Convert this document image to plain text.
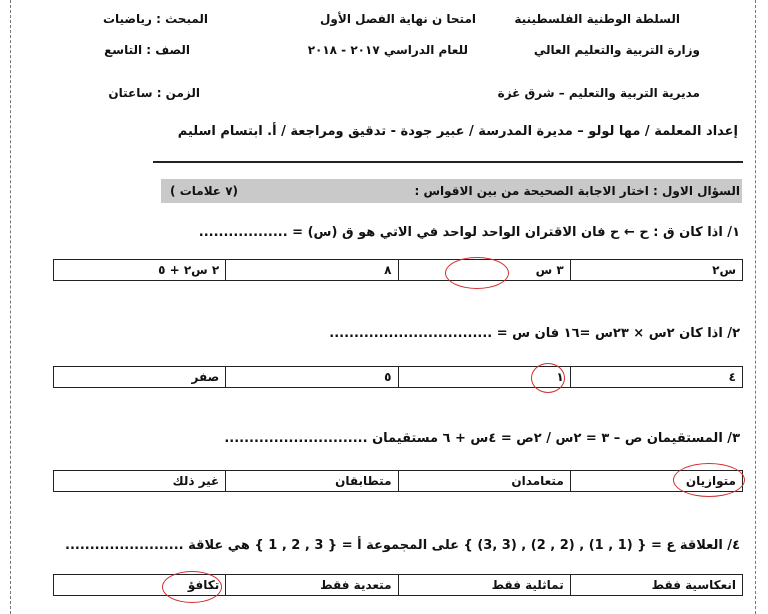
السلطة الوطنية الفلسطينية
امتحا ن نهاية الفصل الأول
المبحث : رياضيات
وزارة التربية والتعليم العالي
للعام الدراسي ٢٠١٧ - ٢٠١٨
الصف : التاسع
مديرية التربية والتعليم – شرق غزة
الزمن : ساعتان
إعداد المعلمة / مها لولو – مديرة المدرسة / عبير جودة - تدقيق ومراجعة / أ. ابتسام اسليم
السؤال الاول : اختار الاجابة الصحيحة من بين الاقواس :
(٧ علامات )
١/ اذا كان ق : ح ← ح فان الاقتران الواحد لواحد في الاتي هو ق (س) = ..................
س٢	٣ س	٨	٢ س٢ + ٥
٢/ اذا كان ٢س × ٢٣س =١٦ فان س = .................................
٤	١	٥	صفر
٣/ المستقيمان ص – ٣ = ٢س / ٢ص = ٤س + ٦ مستقيمان .............................
متوازيان	متعامدان	متطابقان	غير ذلك
٤/ العلاقة ع = { (1 , 1) , (2 , 2) , (3 ,3) } على المجموعة أ = { 3 , 2 , 1 } هي علاقة ........................
انعكاسية فقط	تماثلية فقط	متعدية فقط	تكافؤ
